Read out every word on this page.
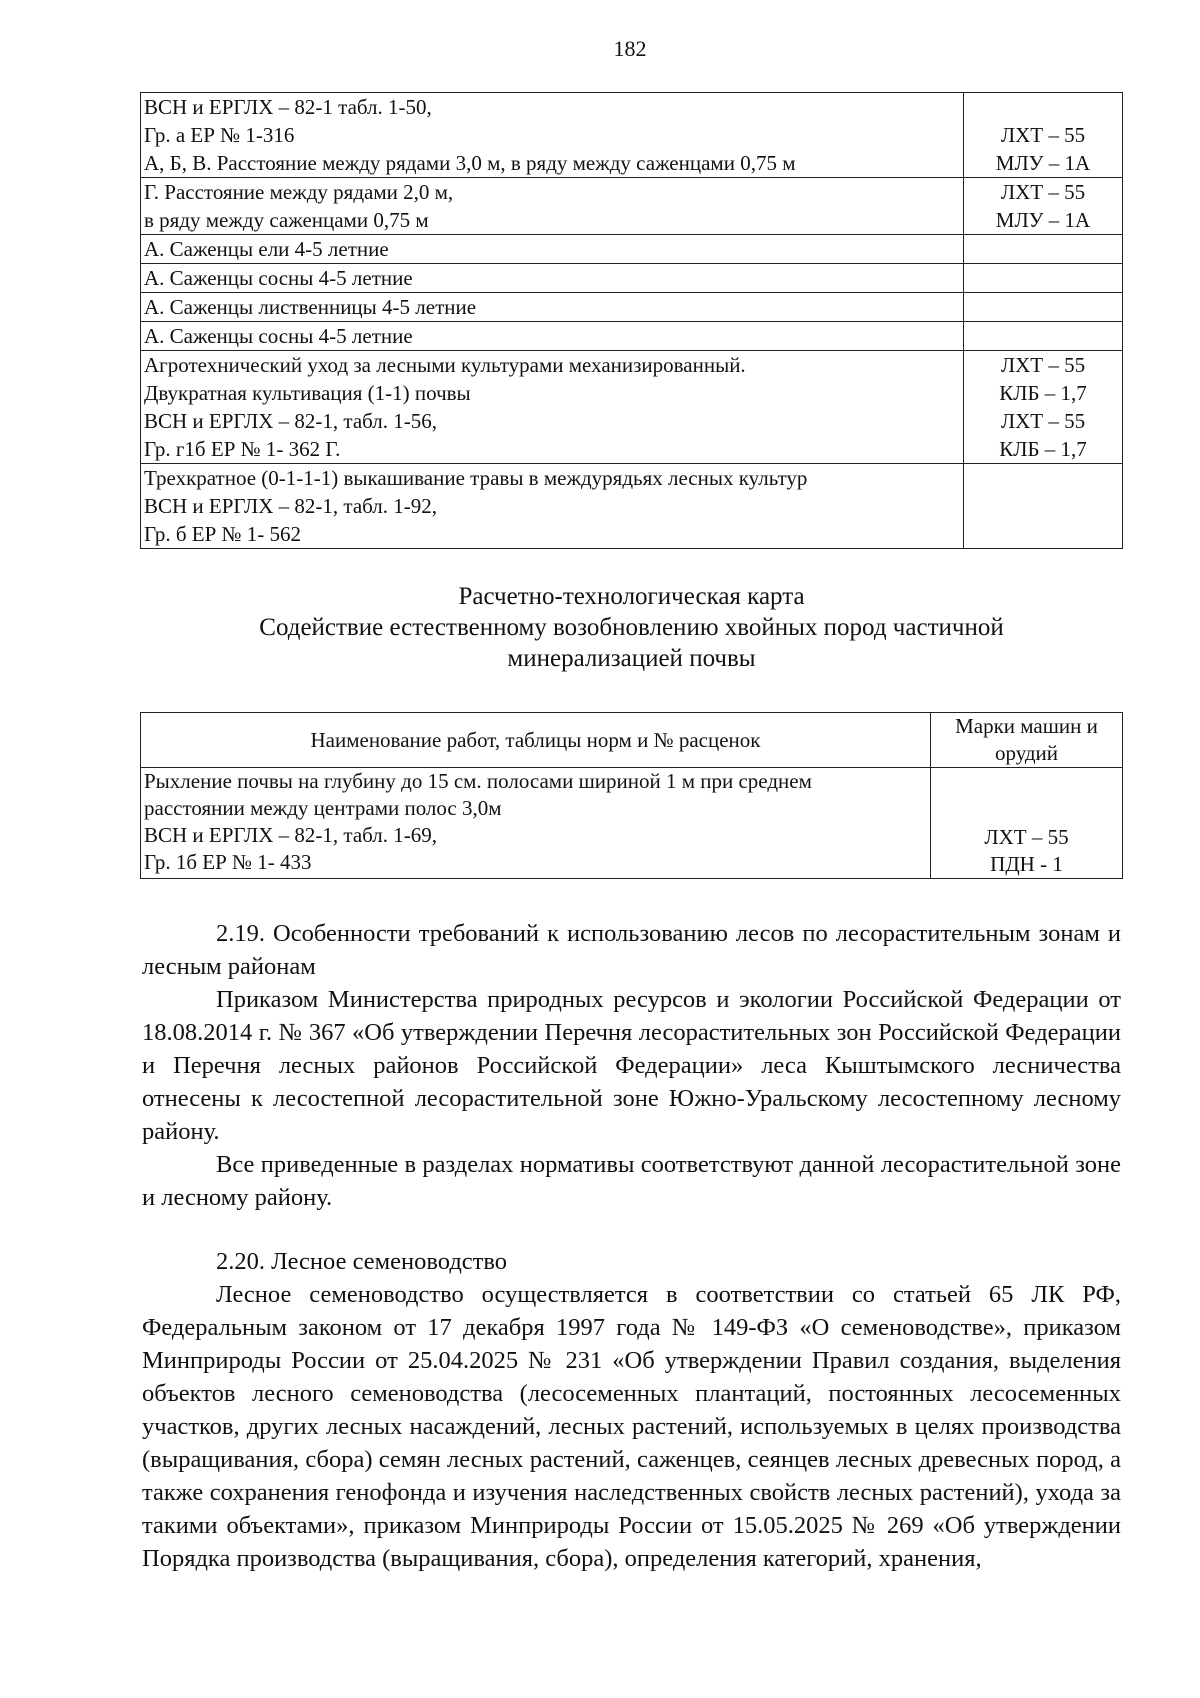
182
ВСН и ЕРГЛХ – 82-1 табл. 1-50,
Гр. а ЕР № 1-316
А, Б, В. Расстояние между рядами 3,0 м, в ряду между саженцами 0,75 м	ЛХТ – 55
МЛУ – 1А

Г. Расстояние между рядами 2,0 м,
в ряду между саженцами 0,75 м	ЛХТ – 55
МЛУ – 1А

А. Саженцы ели 4-5 летние	

А. Саженцы сосны 4-5 летние	

А. Саженцы лиственницы 4-5 летние	

А. Саженцы сосны 4-5 летние	

Агротехнический уход за лесными культурами механизированный.
Двукратная культивация (1-1) почвы
ВСН и ЕРГЛХ – 82-1, табл. 1-56,
Гр. г1б ЕР № 1- 362 Г.	ЛХТ – 55
КЛБ – 1,7
ЛХТ – 55
КЛБ – 1,7

Трехкратное (0-1-1-1) выкашивание травы в междурядьях лесных культур
ВСН и ЕРГЛХ – 82-1, табл. 1-92,
Гр. б ЕР № 1- 562	

Расчетно-технологическая карта
Содействие естественному возобновлению хвойных пород частичной
минерализацией почвы
Наименование работ, таблицы норм и № расценок	Марки машин и орудий

Рыхление почвы на глубину до 15 см. полосами шириной 1 м при среднем
расстоянии между центрами полос 3,0м
ВСН и ЕРГЛХ – 82-1, табл. 1-69,
Гр. 1б ЕР № 1- 433	ЛХТ – 55
ПДН - 1

2.19. Особенности требований к использованию лесов по лесорастительным зонам и лесным районам

Приказом Министерства природных ресурсов и экологии Российской Федерации от 18.08.2014 г. № 367 «Об утверждении Перечня лесорастительных зон Российской Федерации и Перечня лесных районов Российской Федерации» леса Кыштымского лесничества отнесены к лесостепной лесорастительной зоне Южно-Уральскому лесостепному лесному району.

Все приведенные в разделах нормативы соответствуют данной лесорастительной зоне и лесному району.

2.20. Лесное семеноводство

Лесное семеноводство осуществляется в соответствии со статьей 65 ЛК РФ, Федеральным законом от 17 декабря 1997 года № 149-ФЗ «О семеноводстве», приказом Минприроды России от 25.04.2025 № 231 «Об утверждении Правил создания, выделения объектов лесного семеноводства (лесосеменных плантаций, постоянных лесосеменных участков, других лесных насаждений, лесных растений, используемых в целях производства (выращивания, сбора) семян лесных растений, саженцев, сеянцев лесных древесных пород, а также сохранения генофонда и изучения наследственных свойств лесных растений), ухода за такими объектами», приказом Минприроды России от 15.05.2025 № 269 «Об утверждении Порядка производства (выращивания, сбора), определения категорий, хранения,
